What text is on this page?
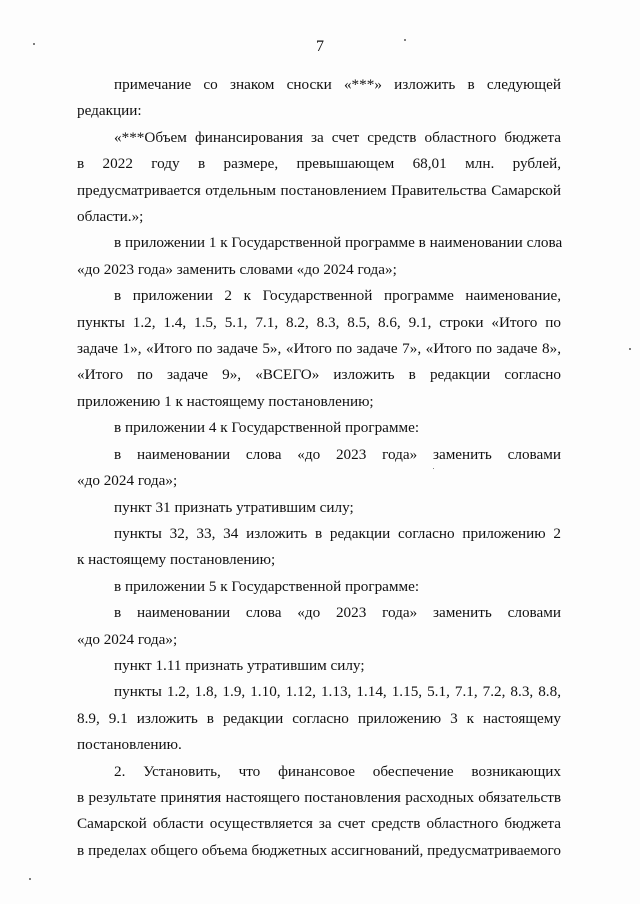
7
примечание со знаком сноски «***» изложить в следующей
редакции:
«***Объем финансирования за счет средств областного бюджета
в 2022 году в размере, превышающем 68,01 млн. рублей,
предусматривается отдельным постановлением Правительства Самарской
области.»;
в приложении 1 к Государственной программе в наименовании слова
«до 2023 года» заменить словами «до 2024 года»;
в приложении 2 к Государственной программе наименование,
пункты 1.2, 1.4, 1.5, 5.1, 7.1, 8.2, 8.3, 8.5, 8.6, 9.1, строки «Итого по
задаче 1», «Итого по задаче 5», «Итого по задаче 7», «Итого по задаче 8»,
«Итого по задаче 9», «ВСЕГО» изложить в редакции согласно
приложению 1 к настоящему постановлению;
в приложении 4 к Государственной программе:
в наименовании слова «до 2023 года» заменить словами
«до 2024 года»;
пункт 31 признать утратившим силу;
пункты 32, 33, 34 изложить в редакции согласно приложению 2
к настоящему постановлению;
в приложении 5 к Государственной программе:
в наименовании слова «до 2023 года» заменить словами
«до 2024 года»;
пункт 1.11 признать утратившим силу;
пункты 1.2, 1.8, 1.9, 1.10, 1.12, 1.13, 1.14, 1.15, 5.1, 7.1, 7.2, 8.3, 8.8,
8.9, 9.1 изложить в редакции согласно приложению 3 к настоящему
постановлению.
2. Установить, что финансовое обеспечение возникающих
в результате принятия настоящего постановления расходных обязательств
Самарской области осуществляется за счет средств областного бюджета
в пределах общего объема бюджетных ассигнований, предусматриваемого
